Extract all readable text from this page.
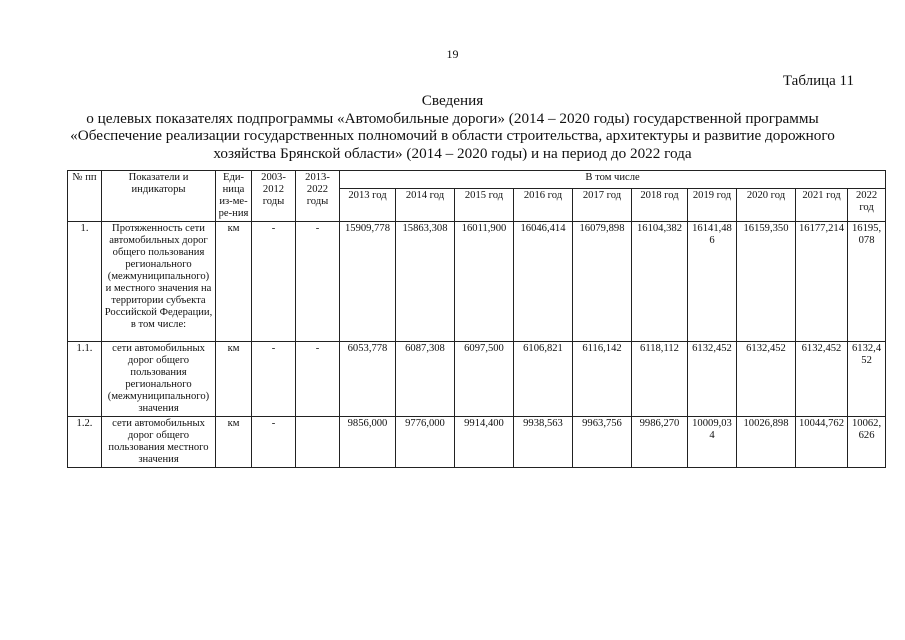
19
Таблица 11
Сведения
о целевых показателях подпрограммы «Автомобильные дороги» (2014 – 2020 годы) государственной программы
«Обеспечение реализации государственных полномочий в области строительства, архитектуры и развитие дорожного
хозяйства Брянской области» (2014 – 2020 годы) и на период до 2022 года
№ пп	Показатели и индикаторы	Еди-ница из-ме-ре-ния	2003-2012 годы	2013-2022 годы	В том числе									
					2013 год	2014 год	2015 год	2016 год	2017 год	2018 год	2019 год	2020 год	2021 год	2022 год
1.	Протяженность сети автомобильных дорог общего пользования регионального (межмуниципального) и местного значения на территории субъекта Российской Федерации, в том числе:	км	-	-	15909,778	15863,308	16011,900	16046,414	16079,898	16104,382	16141,486	16159,350	16177,214	16195,078
1.1.	сети автомобильных дорог общего пользования регионального (межмуниципального) значения	км	-	-	6053,778	6087,308	6097,500	6106,821	6116,142	6118,112	6132,452	6132,452	6132,452	6132,452
1.2.	сети автомобильных дорог общего пользования местного значения	км	-		9856,000	9776,000	9914,400	9938,563	9963,756	9986,270	10009,034	10026,898	10044,762	10062,626
